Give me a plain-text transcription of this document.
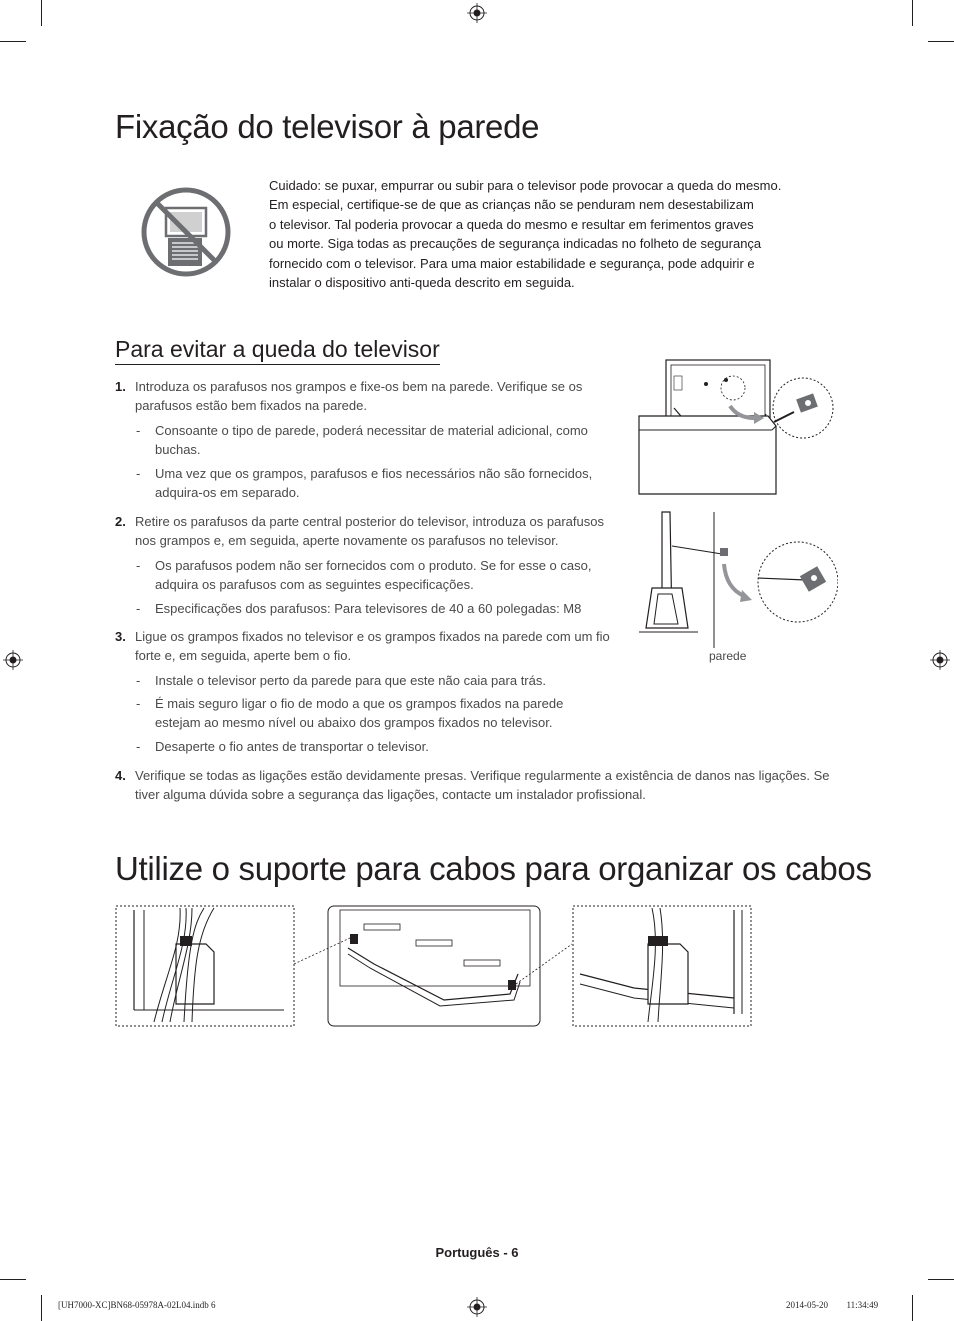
Fixação do televisor à parede

Cuidado: se puxar, empurrar ou subir para o televisor pode provocar a queda do mesmo.

Em especial, certifique-se de que as crianças não se penduram nem desestabilizam

o televisor. Tal poderia provocar a queda do mesmo e resultar em ferimentos graves

ou morte. Siga todas as precauções de segurança indicadas no folheto de segurança

fornecido com o televisor. Para uma maior estabilidade e segurança, pode adquirir e

instalar o dispositivo anti-queda descrito em seguida.

Para evitar a queda do televisor
1. Introduza os parafusos nos grampos e fixe-os bem na parede. Verifique se os

parafusos estão bem fixados na parede.

- Consoante o tipo de parede, poderá necessitar de material adicional, como

buchas.

- Uma vez que os grampos, parafusos e fios necessários não são fornecidos,

adquira-os em separado.

2. Retire os parafusos da parte central posterior do televisor, introduza os parafusos

nos grampos e, em seguida, aperte novamente os parafusos no televisor.

- Os parafusos podem não ser fornecidos com o produto. Se for esse o caso,

adquira os parafusos com as seguintes especificações.

- Especificações dos parafusos: Para televisores de 40 a 60 polegadas: M8

3. Ligue os grampos fixados no televisor e os grampos fixados na parede com um fio

forte e, em seguida, aperte bem o fio.

- Instale o televisor perto da parede para que este não caia para trás.

- É mais seguro ligar o fio de modo a que os grampos fixados na parede

estejam ao mesmo nível ou abaixo dos grampos fixados no televisor.

- Desaperte o fio antes de transportar o televisor.

4. Verifique se todas as ligações estão devidamente presas. Verifique regularmente a existência de danos nas ligações. Se

tiver alguma dúvida sobre a segurança das ligações, contacte um instalador profissional.

parede
Utilize o suporte para cabos para organizar os cabos
Português - 6
[UH7000-XC]BN68-05978A-02L04.indb 6	2014-05-20 ￿￿ 11:34:49
